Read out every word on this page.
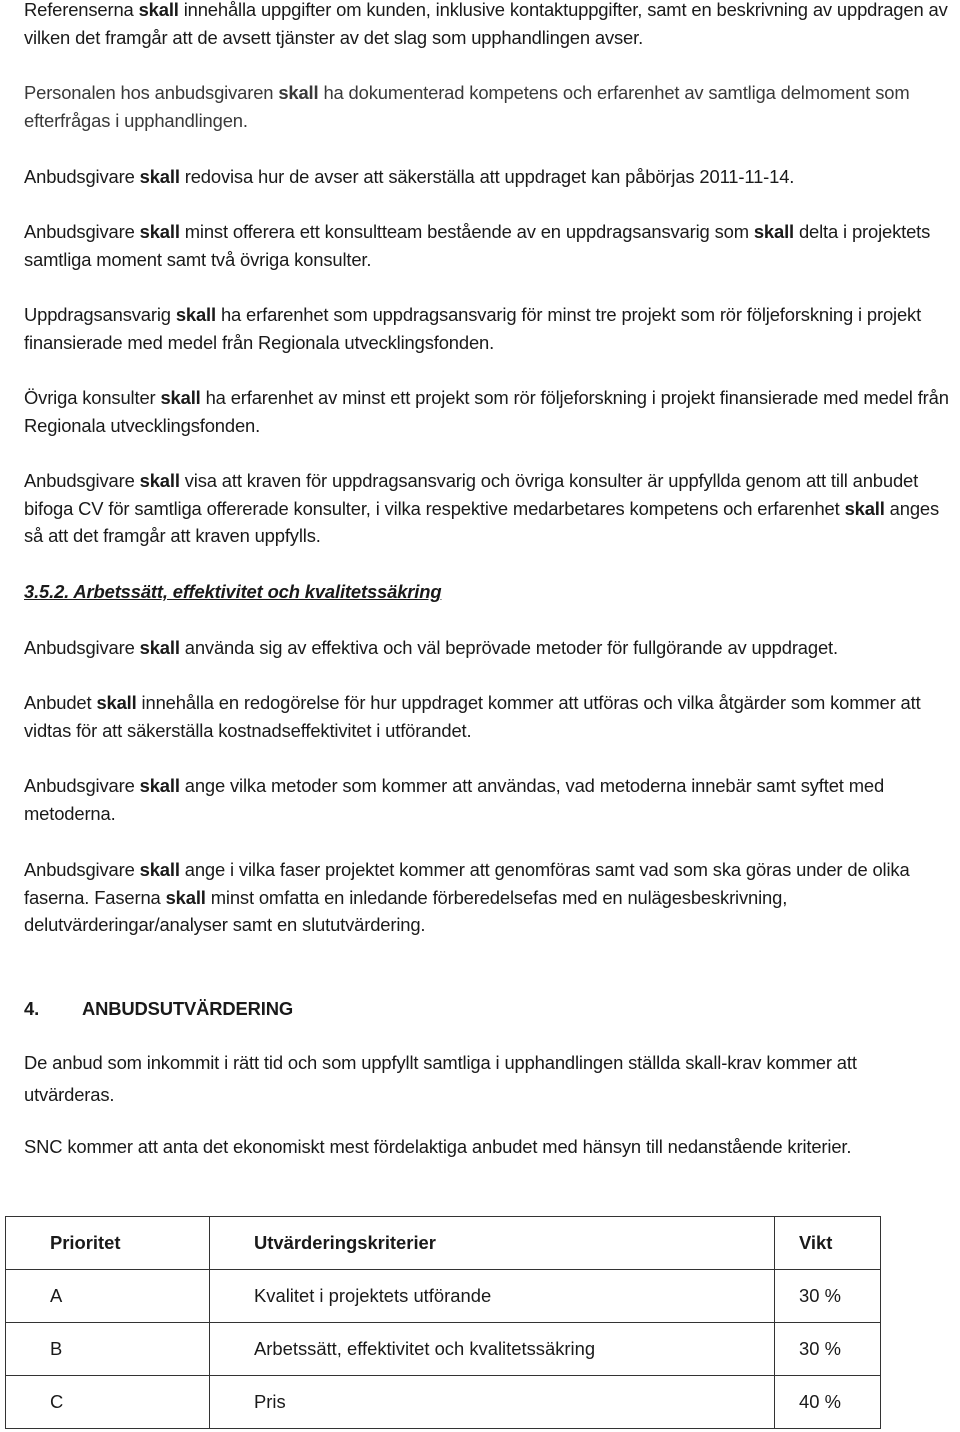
Referenserna skall innehålla uppgifter om kunden, inklusive kontaktuppgifter, samt en beskrivning av uppdragen av vilken det framgår att de avsett tjänster av det slag som upphandlingen avser.

Personalen hos anbudsgivaren skall ha dokumenterad kompetens och erfarenhet av samtliga delmoment som efterfrågas i upphandlingen.

Anbudsgivare skall redovisa hur de avser att säkerställa att uppdraget kan påbörjas 2011-11-14.

Anbudsgivare skall minst offerera ett konsultteam bestående av en uppdragsansvarig som skall delta i projektets samtliga moment samt två övriga konsulter.

Uppdragsansvarig skall ha erfarenhet som uppdragsansvarig för minst tre projekt som rör följeforskning i projekt finansierade med medel från Regionala utvecklingsfonden.

Övriga konsulter skall ha erfarenhet av minst ett projekt som rör följeforskning i projekt finansierade med medel från Regionala utvecklingsfonden.

Anbudsgivare skall visa att kraven för uppdragsansvarig och övriga konsulter är uppfyllda genom att till anbudet bifoga CV för samtliga offererade konsulter, i vilka respektive medarbetares kompetens och erfarenhet skall anges så att det framgår att kraven uppfylls.

3.5.2. Arbetssätt, effektivitet och kvalitetssäkring

Anbudsgivare skall använda sig av effektiva och väl beprövade metoder för fullgörande av uppdraget.

Anbudet skall innehålla en redogörelse för hur uppdraget kommer att utföras och vilka åtgärder som kommer att vidtas för att säkerställa kostnadseffektivitet i utförandet.

Anbudsgivare skall ange vilka metoder som kommer att användas, vad metoderna innebär samt syftet med metoderna.

Anbudsgivare skall ange i vilka faser projektet kommer att genomföras samt vad som ska göras under de olika faserna. Faserna skall minst omfatta en inledande förberedelsefas med en nulägesbeskrivning, delutvärderingar/analyser samt en slututvärdering.

4. ANBUDSUTVÄRDERING

De anbud som inkommit i rätt tid och som uppfyllt samtliga i upphandlingen ställda skall-krav kommer att utvärderas.

SNC kommer att anta det ekonomiskt mest fördelaktiga anbudet med hänsyn till nedanstående kriterier.

Prioritet	Utvärderingskriterier	Vikt
A	Kvalitet i projektets utförande	30 %
B	Arbetssätt, effektivitet och kvalitetssäkring	30 %
C	Pris	40 %
